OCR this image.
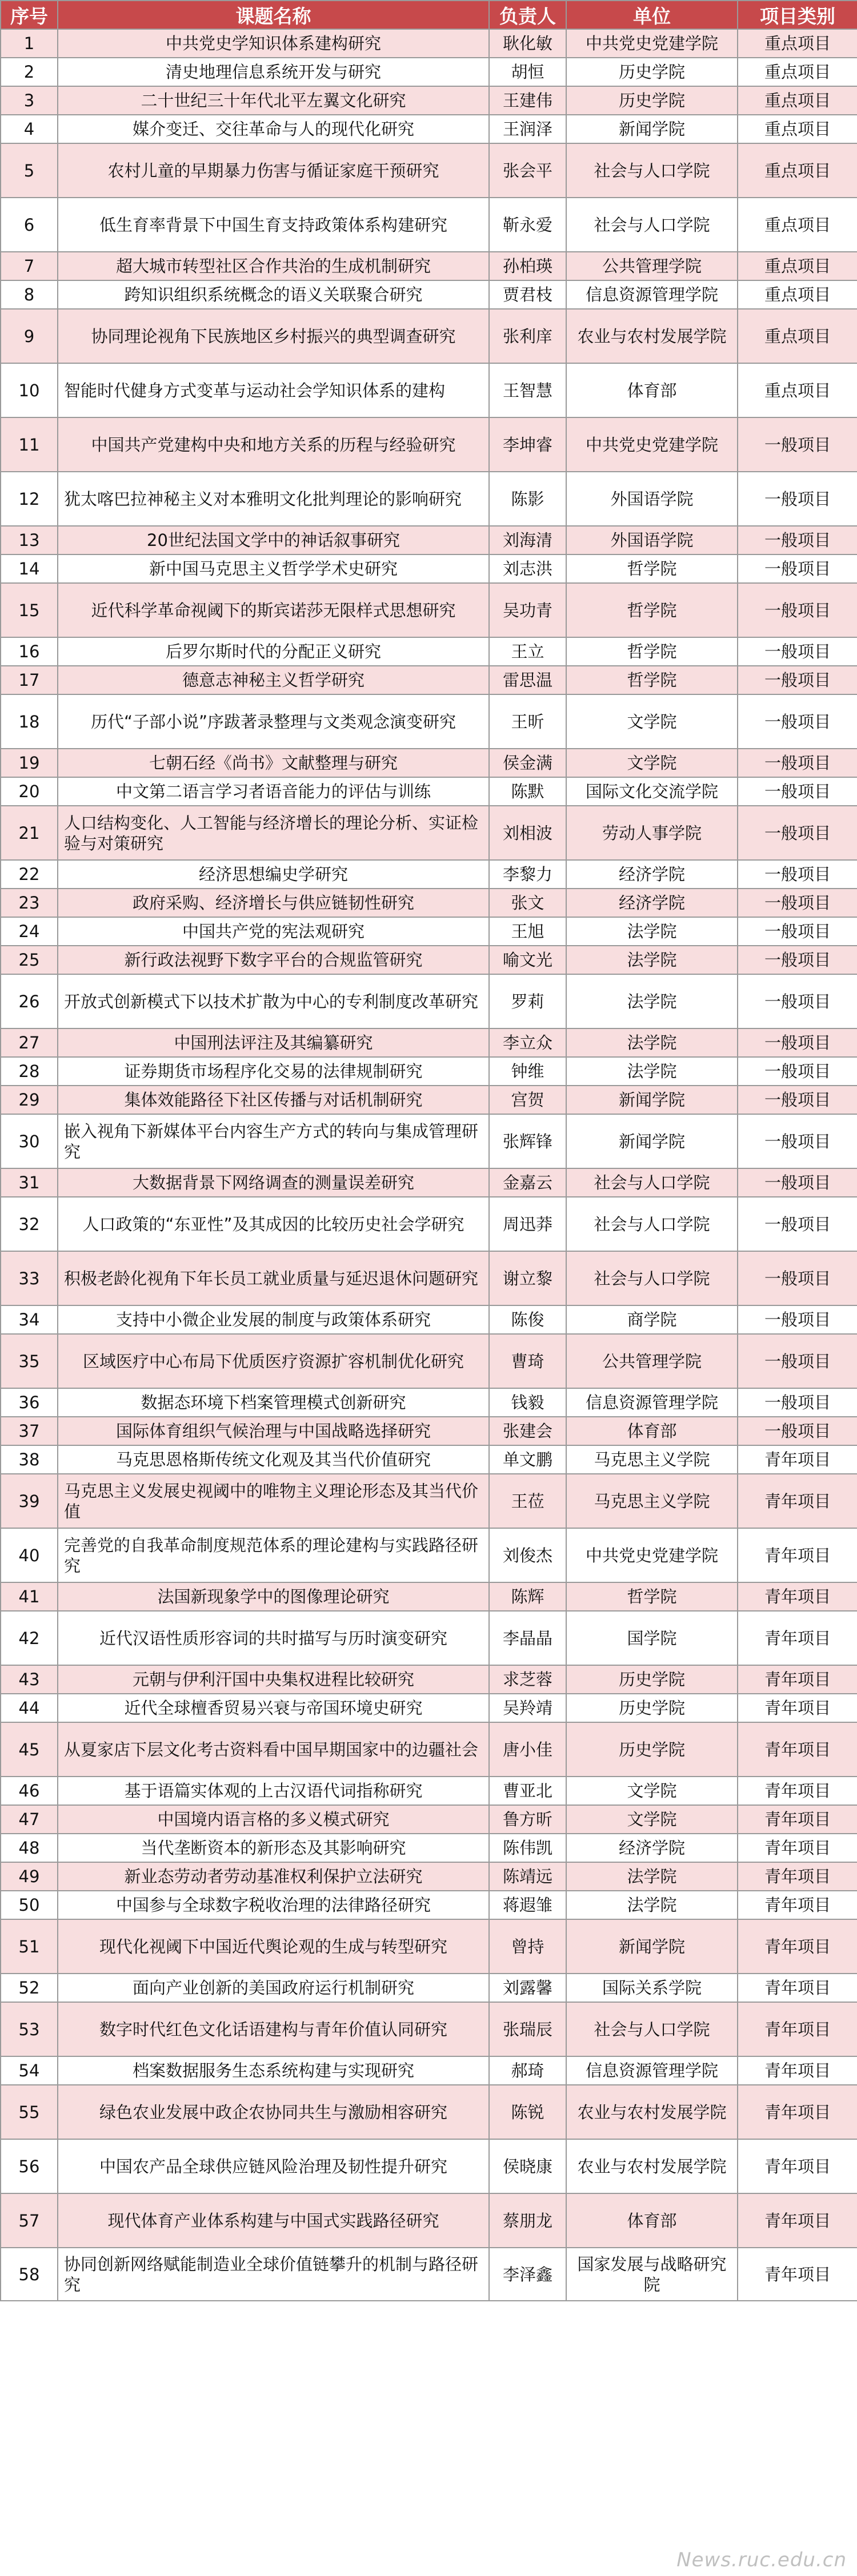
序号	课题名称	负责人	单位	项目类别
1	中共党史学知识体系建构研究	耿化敏	中共党史党建学院	重点项目
2	清史地理信息系统开发与研究	胡恒	历史学院	重点项目
3	二十世纪三十年代北平左翼文化研究	王建伟	历史学院	重点项目
4	媒介变迁、交往革命与人的现代化研究	王润泽	新闻学院	重点项目
5	农村儿童的早期暴力伤害与循证家庭干预研究	张会平	社会与人口学院	重点项目
6	低生育率背景下中国生育支持政策体系构建研究	靳永爱	社会与人口学院	重点项目
7	超大城市转型社区合作共治的生成机制研究	孙柏瑛	公共管理学院	重点项目
8	跨知识组织系统概念的语义关联聚合研究	贾君枝	信息资源管理学院	重点项目
9	协同理论视角下民族地区乡村振兴的典型调查研究	张利庠	农业与农村发展学院	重点项目
10	智能时代健身方式变革与运动社会学知识体系的建构	王智慧	体育部	重点项目
11	中国共产党建构中央和地方关系的历程与经验研究	李坤睿	中共党史党建学院	一般项目
12	犹太喀巴拉神秘主义对本雅明文化批判理论的影响研究	陈影	外国语学院	一般项目
13	20世纪法国文学中的神话叙事研究	刘海清	外国语学院	一般项目
14	新中国马克思主义哲学学术史研究	刘志洪	哲学院	一般项目
15	近代科学革命视阈下的斯宾诺莎无限样式思想研究	吴功青	哲学院	一般项目
16	后罗尔斯时代的分配正义研究	王立	哲学院	一般项目
17	德意志神秘主义哲学研究	雷思温	哲学院	一般项目
18	历代“子部小说”序跋著录整理与文类观念演变研究	王昕	文学院	一般项目
19	七朝石经《尚书》文献整理与研究	侯金满	文学院	一般项目
20	中文第二语言学习者语音能力的评估与训练	陈默	国际文化交流学院	一般项目
21	人口结构变化、人工智能与经济增长的理论分析、实证检验与对策研究	刘相波	劳动人事学院	一般项目
22	经济思想编史学研究	李黎力	经济学院	一般项目
23	政府采购、经济增长与供应链韧性研究	张文	经济学院	一般项目
24	中国共产党的宪法观研究	王旭	法学院	一般项目
25	新行政法视野下数字平台的合规监管研究	喻文光	法学院	一般项目
26	开放式创新模式下以技术扩散为中心的专利制度改革研究	罗莉	法学院	一般项目
27	中国刑法评注及其编纂研究	李立众	法学院	一般项目
28	证券期货市场程序化交易的法律规制研究	钟维	法学院	一般项目
29	集体效能路径下社区传播与对话机制研究	宫贺	新闻学院	一般项目
30	嵌入视角下新媒体平台内容生产方式的转向与集成管理研究	张辉锋	新闻学院	一般项目
31	大数据背景下网络调查的测量误差研究	金嘉云	社会与人口学院	一般项目
32	人口政策的“东亚性”及其成因的比较历史社会学研究	周迅莽	社会与人口学院	一般项目
33	积极老龄化视角下年长员工就业质量与延迟退休问题研究	谢立黎	社会与人口学院	一般项目
34	支持中小微企业发展的制度与政策体系研究	陈俊	商学院	一般项目
35	区域医疗中心布局下优质医疗资源扩容机制优化研究	曹琦	公共管理学院	一般项目
36	数据态环境下档案管理模式创新研究	钱毅	信息资源管理学院	一般项目
37	国际体育组织气候治理与中国战略选择研究	张建会	体育部	一般项目
38	马克思恩格斯传统文化观及其当代价值研究	单文鹏	马克思主义学院	青年项目
39	马克思主义发展史视阈中的唯物主义理论形态及其当代价值	王莅	马克思主义学院	青年项目
40	完善党的自我革命制度规范体系的理论建构与实践路径研究	刘俊杰	中共党史党建学院	青年项目
41	法国新现象学中的图像理论研究	陈辉	哲学院	青年项目
42	近代汉语性质形容词的共时描写与历时演变研究	李晶晶	国学院	青年项目
43	元朝与伊利汗国中央集权进程比较研究	求芝蓉	历史学院	青年项目
44	近代全球檀香贸易兴衰与帝国环境史研究	吴羚靖	历史学院	青年项目
45	从夏家店下层文化考古资料看中国早期国家中的边疆社会	唐小佳	历史学院	青年项目
46	基于语篇实体观的上古汉语代词指称研究	曹亚北	文学院	青年项目
47	中国境内语言格的多义模式研究	鲁方昕	文学院	青年项目
48	当代垄断资本的新形态及其影响研究	陈伟凯	经济学院	青年项目
49	新业态劳动者劳动基准权利保护立法研究	陈靖远	法学院	青年项目
50	中国参与全球数字税收治理的法律路径研究	蒋遐雏	法学院	青年项目
51	现代化视阈下中国近代舆论观的生成与转型研究	曾持	新闻学院	青年项目
52	面向产业创新的美国政府运行机制研究	刘露馨	国际关系学院	青年项目
53	数字时代红色文化话语建构与青年价值认同研究	张瑞辰	社会与人口学院	青年项目
54	档案数据服务生态系统构建与实现研究	郝琦	信息资源管理学院	青年项目
55	绿色农业发展中政企农协同共生与激励相容研究	陈锐	农业与农村发展学院	青年项目
56	中国农产品全球供应链风险治理及韧性提升研究	侯晓康	农业与农村发展学院	青年项目
57	现代体育产业体系构建与中国式实践路径研究	蔡朋龙	体育部	青年项目
58	协同创新网络赋能制造业全球价值链攀升的机制与路径研究	李泽鑫	国家发展与战略研究院	青年项目
News.ruc.edu.cn
